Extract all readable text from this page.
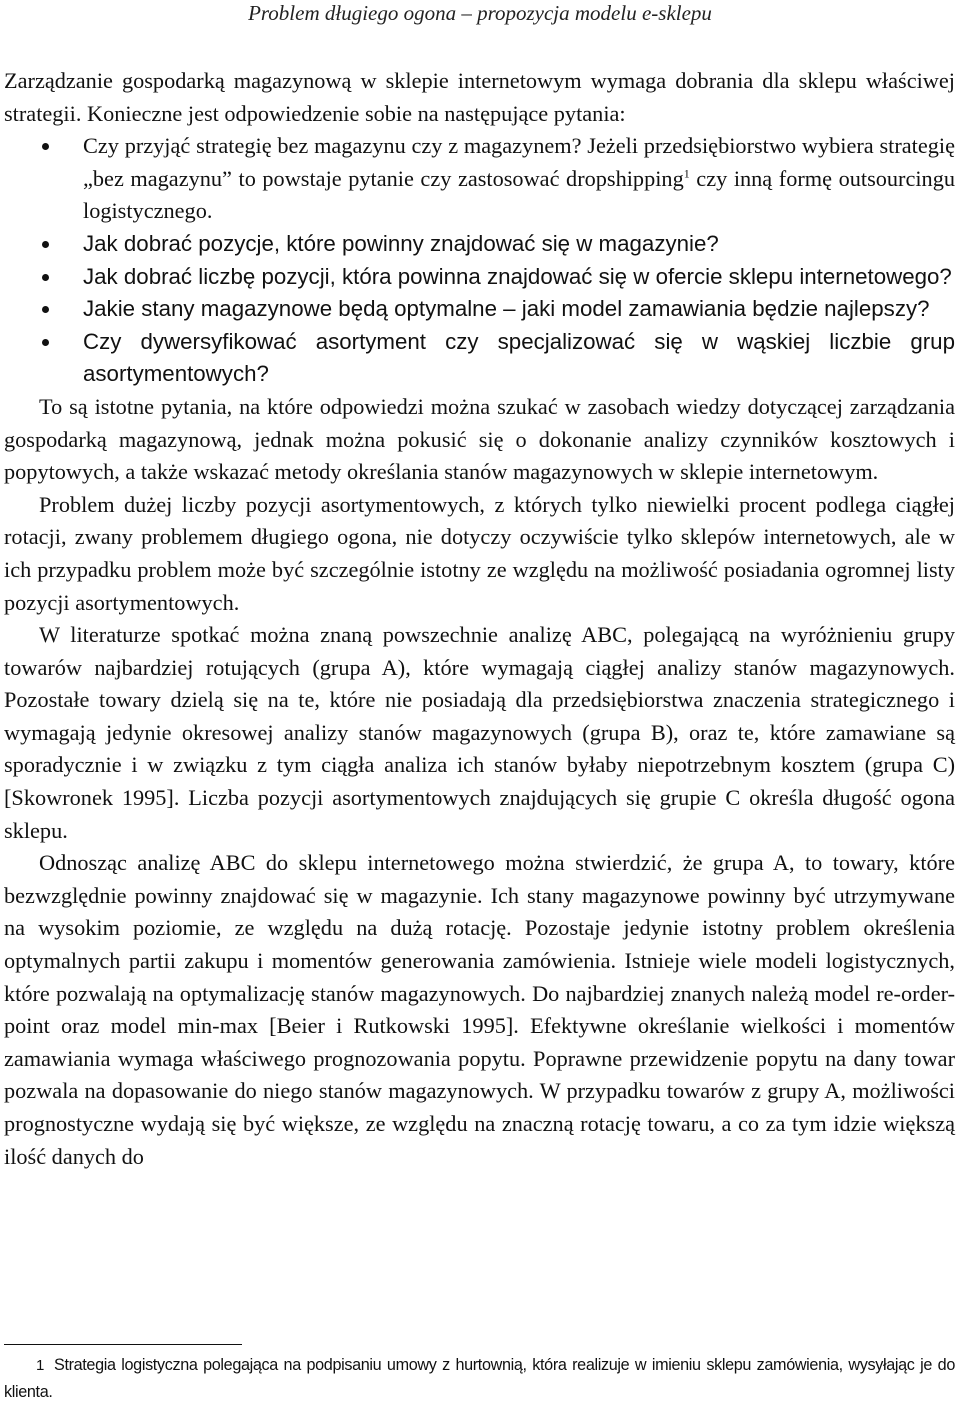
Problem długiego ogona – propozycja modelu e-sklepu

Zarządzanie gospodarką magazynową w sklepie internetowym wymaga dobrania dla sklepu właściwej strategii. Konieczne jest odpowiedzenie sobie na następujące pytania:

Czy przyjąć strategię bez magazynu czy z magazynem? Jeżeli przedsiębiorstwo wybiera strategię „bez magazynu” to powstaje pytanie czy zastosować dropshipping$^1$ czy inną formę outsourcingu logistycznego.
Jak dobrać pozycje, które powinny znajdować się w magazynie?
Jak dobrać liczbę pozycji, która powinna znajdować się w ofercie sklepu internetowego?
Jakie stany magazynowe będą optymalne – jaki model zamawiania będzie najlepszy?
Czy dywersyfikować asortyment czy specjalizować się w wąskiej liczbie grup asortymentowych?

To są istotne pytania, na które odpowiedzi można szukać w zasobach wiedzy dotyczącej zarządzania gospodarką magazynową, jednak można pokusić się o dokonanie analizy czynników kosztowych i popytowych, a także wskazać metody określania stanów magazynowych w sklepie internetowym.

Problem dużej liczby pozycji asortymentowych, z których tylko niewielki procent podlega ciągłej rotacji, zwany problemem długiego ogona, nie dotyczy oczywiście tylko sklepów internetowych, ale w ich przypadku problem może być szczególnie istotny ze względu na możliwość posiadania ogromnej listy pozycji asortymentowych.

W literaturze spotkać można znaną powszechnie analizę ABC, polegającą na wyróżnieniu grupy towarów najbardziej rotujących (grupa A), które wymagają ciągłej analizy stanów magazynowych. Pozostałe towary dzielą się na te, które nie posiadają dla przedsiębiorstwa znaczenia strategicznego i wymagają jedynie okresowej analizy stanów magazynowych (grupa B), oraz te, które zamawiane są sporadycznie i w związku z tym ciągła analiza ich stanów byłaby niepotrzebnym kosztem (grupa C) [Skowronek 1995]. Liczba pozycji asortymentowych znajdujących się grupie C określa długość ogona sklepu.

Odnosząc analizę ABC do sklepu internetowego można stwierdzić, że grupa A, to towary, które bezwzględnie powinny znajdować się w magazynie. Ich stany magazynowe powinny być utrzymywane na wysokim poziomie, ze względu na dużą rotację. Pozostaje jedynie istotny problem określenia optymalnych partii zakupu i momentów generowania zamówienia. Istnieje wiele modeli logistycznych, które pozwalają na optymalizację stanów magazynowych. Do najbardziej znanych należą model re-order-point oraz model min-max [Beier i Rutkowski 1995]. Efektywne określanie wielkości i momentów zamawiania wymaga właściwego prognozowania popytu. Poprawne przewidzenie popytu na dany towar pozwala na dopasowanie do niego stanów magazynowych. W przypadku towarów z grupy A, możliwości prognostyczne wydają się być większe, ze względu na znaczną rotację towaru, a co za tym idzie większą ilość danych do

1 Strategia logistyczna polegająca na podpisaniu umowy z hurtownią, która realizuje w imieniu sklepu zamówienia, wysyłając je do klienta.
